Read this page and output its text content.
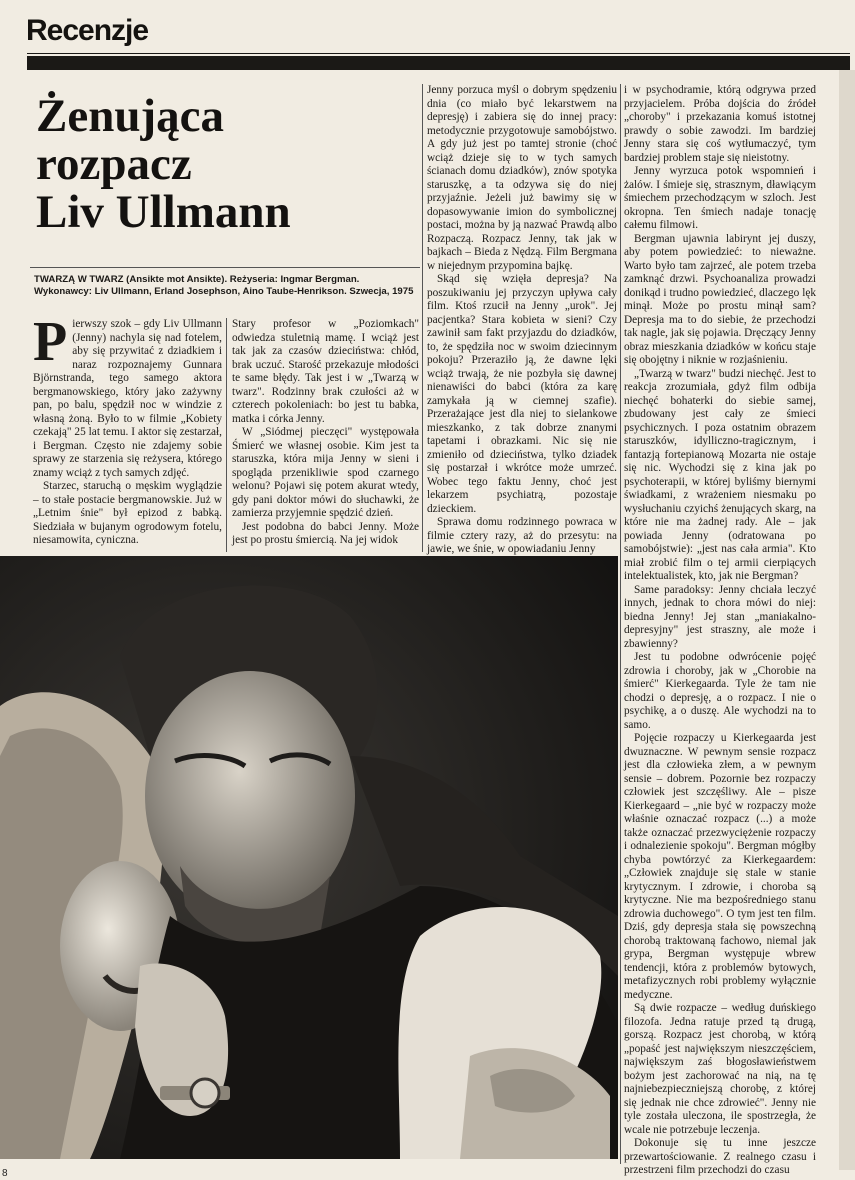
Recenzje
Żenująca
rozpacz
Liv Ullmann
TWARZĄ W TWARZ (Ansikte mot Ansikte). Reżyseria: Ingmar Bergman. Wykonawcy: Liv Ullmann, Erland Josephson, Aino Taube-Henrikson. Szwecja, 1975

Pierwszy szok – gdy Liv Ullmann (Jenny) nachyla się nad fotelem, aby się przywitać z dziadkiem i naraz rozpoznajemy Gunnara Björnstranda, tego samego aktora bergmanowskiego, który jako zażywny pan, po balu, spędził noc w windzie z własną żoną. Było to w filmie „Kobiety czekają" 25 lat temu. I aktor się zestarzał, i Bergman. Często nie zdajemy sobie sprawy ze starzenia się reżysera, którego znamy wciąż z tych samych zdjęć.

Starzec, staruchą o męskim wyglądzie – to stałe postacie bergmanowskie. Już w „Letnim śnie" był epizod z babką. Siedziała w bujanym ogrodowym fotelu, niesamowita, cyniczna.

Stary profesor w „Poziomkach" odwiedza stuletnią mamę. I wciąż jest tak jak za czasów dzieciństwa: chłód, brak uczuć. Starość przekazuje młodości te same błędy. Tak jest i w „Twarzą w twarz". Rodzinny brak czułości aż w czterech pokoleniach: bo jest tu babka, matka i córka Jenny.

W „Siódmej pieczęci" występowała Śmierć we własnej osobie. Kim jest ta staruszka, która mija Jenny w sieni i spogląda przenikliwie spod czarnego welonu? Pojawi się potem akurat wtedy, gdy pani doktor mówi do słuchawki, że zamierza przyjemnie spędzić dzień.

Jest podobna do babci Jenny. Może jest po prostu śmiercią. Na jej widok

Jenny porzuca myśl o dobrym spędzeniu dnia (co miało być lekarstwem na depresję) i zabiera się do innej pracy: metodycznie przygotowuje samobójstwo. A gdy już jest po tamtej stronie (choć wciąż dzieje się to w tych samych ścianach domu dziadków), znów spotyka staruszkę, a ta odzywa się do niej przyjaźnie. Jeżeli już bawimy się w dopasowywanie imion do symbolicznej postaci, można by ją nazwać Prawdą albo Rozpaczą. Rozpacz Jenny, tak jak w bajkach – Bieda z Nędzą. Film Bergmana w niejednym przypomina bajkę.

Skąd się wzięła depresja? Na poszukiwaniu jej przyczyn upływa cały film. Ktoś rzucił na Jenny „urok". Jej pacjentka? Stara kobieta w sieni? Czy zawinił sam fakt przyjazdu do dziadków, to, że spędziła noc w swoim dziecinnym pokoju? Przeraziło ją, że dawne lęki wciąż trwają, że nie pozbyła się dawnej nienawiści do babci (która za karę zamykała ją w ciemnej szafie). Przerażające jest dla niej to sielankowe mieszkanko, z tak dobrze znanymi tapetami i obrazkami. Nic się nie zmieniło od dzieciństwa, tylko dziadek się postarzał i wkrótce może umrzeć. Wobec tego faktu Jenny, choć jest lekarzem psychiatrą, pozostaje dzieckiem.

Sprawa domu rodzinnego powraca w filmie cztery razy, aż do przesytu: na jawie, we śnie, w opowiadaniu Jenny

i w psychodramie, którą odgrywa przed przyjacielem. Próba dojścia do źródeł „choroby" i przekazania komuś istotnej prawdy o sobie zawodzi. Im bardziej Jenny stara się coś wytłumaczyć, tym bardziej problem staje się nieistotny.

Jenny wyrzuca potok wspomnień i żalów. I śmieje się, strasznym, dławiącym śmiechem przechodzącym w szloch. Jest okropna. Ten śmiech nadaje tonację całemu filmowi.

Bergman ujawnia labirynt jej duszy, aby potem powiedzieć: to nieważne. Warto było tam zajrzeć, ale potem trzeba zamknąć drzwi. Psychoanaliza prowadzi donikąd i trudno powiedzieć, dlaczego lęk minął. Może po prostu minął sam? Depresja ma to do siebie, że przechodzi tak nagle, jak się pojawia. Dręczący Jenny obraz mieszkania dziadków w końcu staje się obojętny i niknie w rozjaśnieniu.

„Twarzą w twarz" budzi niechęć. Jest to reakcja zrozumiała, gdyż film odbija niechęć bohaterki do siebie samej, zbudowany jest cały ze śmieci psychicznych. I poza ostatnim obrazem staruszków, idylliczno-tragicznym, i fantazją fortepianową Mozarta nie ostaje się nic. Wychodzi się z kina jak po psychoterapii, w której byliśmy biernymi świadkami, z wrażeniem niesmaku po wysłuchaniu czyichś żenujących skarg, na które nie ma żadnej rady. Ale – jak powiada Jenny (odratowana po samobójstwie): „jest nas cała armia". Kto miał zrobić film o tej armii cierpiących intelektualistek, kto, jak nie Bergman?

Same paradoksy: Jenny chciała leczyć innych, jednak to chora mówi do niej: biedna Jenny! Jej stan „maniakalno-depresyjny" jest straszny, ale może i zbawienny?

Jest tu podobne odwrócenie pojęć zdrowia i choroby, jak w „Chorobie na śmierć" Kierkegaarda. Tyle że tam nie chodzi o depresję, a o rozpacz. I nie o psychikę, a o duszę. Ale wychodzi na to samo.

Pojęcie rozpaczy u Kierkegaarda jest dwuznaczne. W pewnym sensie rozpacz jest dla człowieka złem, a w pewnym sensie – dobrem. Pozornie bez rozpaczy człowiek jest szczęśliwy. Ale – pisze Kierkegaard – „nie być w rozpaczy może właśnie oznaczać rozpacz (...) a może także oznaczać przezwyciężenie rozpaczy i odnalezienie spokoju". Bergman mógłby chyba powtórzyć za Kierkegaardem: „Człowiek znajduje się stale w stanie krytycznym. I zdrowie, i choroba są krytyczne. Nie ma bezpośredniego stanu zdrowia duchowego". O tym jest ten film. Dziś, gdy depresja stała się powszechną chorobą traktowaną fachowo, niemal jak grypa, Bergman występuje wbrew tendencji, która z problemów bytowych, metafizycznych robi problemy wyłącznie medyczne.

Są dwie rozpacze – według duńskiego filozofa. Jedna ratuje przed tą drugą, gorszą. Rozpacz jest chorobą, w którą „popaść jest największym nieszczęściem, największym zaś błogosławieństwem bożym jest zachorować na nią, na tę najniebezpieczniejszą chorobę, z której się jednak nie chce zdrowieć". Jenny nie tyle została uleczona, ile spostrzegła, że wcale nie potrzebuje leczenja.

Dokonuje się tu inne jeszcze przewartościowanie. Z realnego czasu i przestrzeni film przechodzi do czasu

8
